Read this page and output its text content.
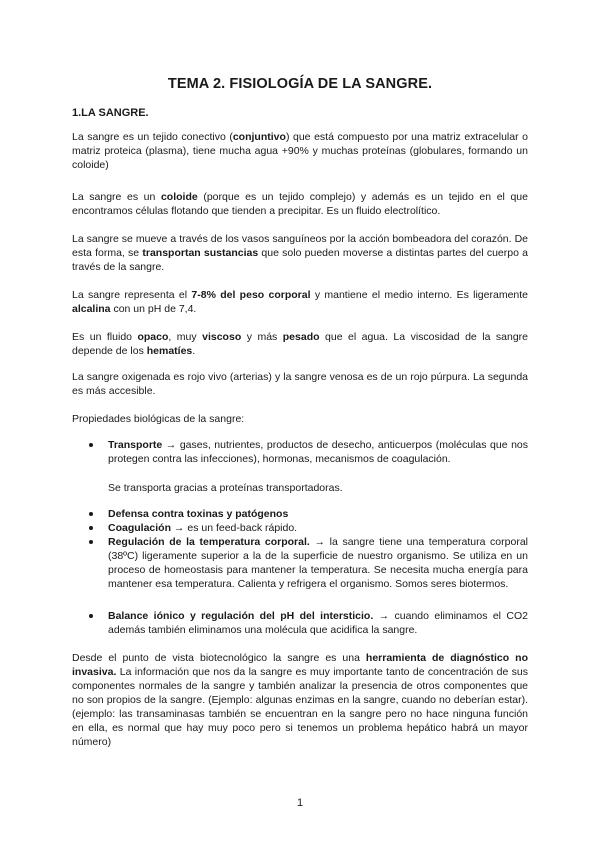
TEMA 2. FISIOLOGÍA DE LA SANGRE.
1.LA SANGRE.

La sangre es un tejido conectivo (conjuntivo) que está compuesto por una matriz extracelular o matriz proteica (plasma), tiene mucha agua +90% y muchas proteínas (globulares, formando un coloide)

La sangre es un coloide (porque es un tejido complejo) y además es un tejido en el que encontramos células flotando que tienden a precipitar. Es un fluido electrolítico.

La sangre se mueve a través de los vasos sanguíneos por la acción bombeadora del corazón. De esta forma, se transportan sustancias que solo pueden moverse a distintas partes del cuerpo a través de la sangre.

La sangre representa el 7-8% del peso corporal y mantiene el medio interno. Es ligeramente alcalina con un pH de 7,4.

Es un fluido opaco, muy viscoso y más pesado que el agua. La viscosidad de la sangre depende de los hematíes.

La sangre oxigenada es rojo vivo (arterias) y la sangre venosa es de un rojo púrpura. La segunda es más accesible.

Propiedades biológicas de la sangre:

Transporte → gases, nutrientes, productos de desecho, anticuerpos (moléculas que nos protegen contra las infecciones), hormonas, mecanismos de coagulación.

Se transporta gracias a proteínas transportadoras.

Defensa contra toxinas y patógenos

Coagulación → es un feed-back rápido.

Regulación de la temperatura corporal. → la sangre tiene una temperatura corporal (38ºC) ligeramente superior a la de la superficie de nuestro organismo. Se utiliza en un proceso de homeostasis para mantener la temperatura. Se necesita mucha energía para mantener esa temperatura. Calienta y refrigera el organismo. Somos seres biotermos.

Balance iónico y regulación del pH del intersticio. → cuando eliminamos el CO2 además también eliminamos una molécula que acidifica la sangre.

Desde el punto de vista biotecnológico la sangre es una herramienta de diagnóstico no invasiva. La información que nos da la sangre es muy importante tanto de concentración de sus componentes normales de la sangre y también analizar la presencia de otros componentes que no son propios de la sangre. (Ejemplo: algunas enzimas en la sangre, cuando no deberían estar). (ejemplo: las transaminasas también se encuentran en la sangre pero no hace ninguna función en ella, es normal que hay muy poco pero si tenemos un problema hepático habrá un mayor número)

1
